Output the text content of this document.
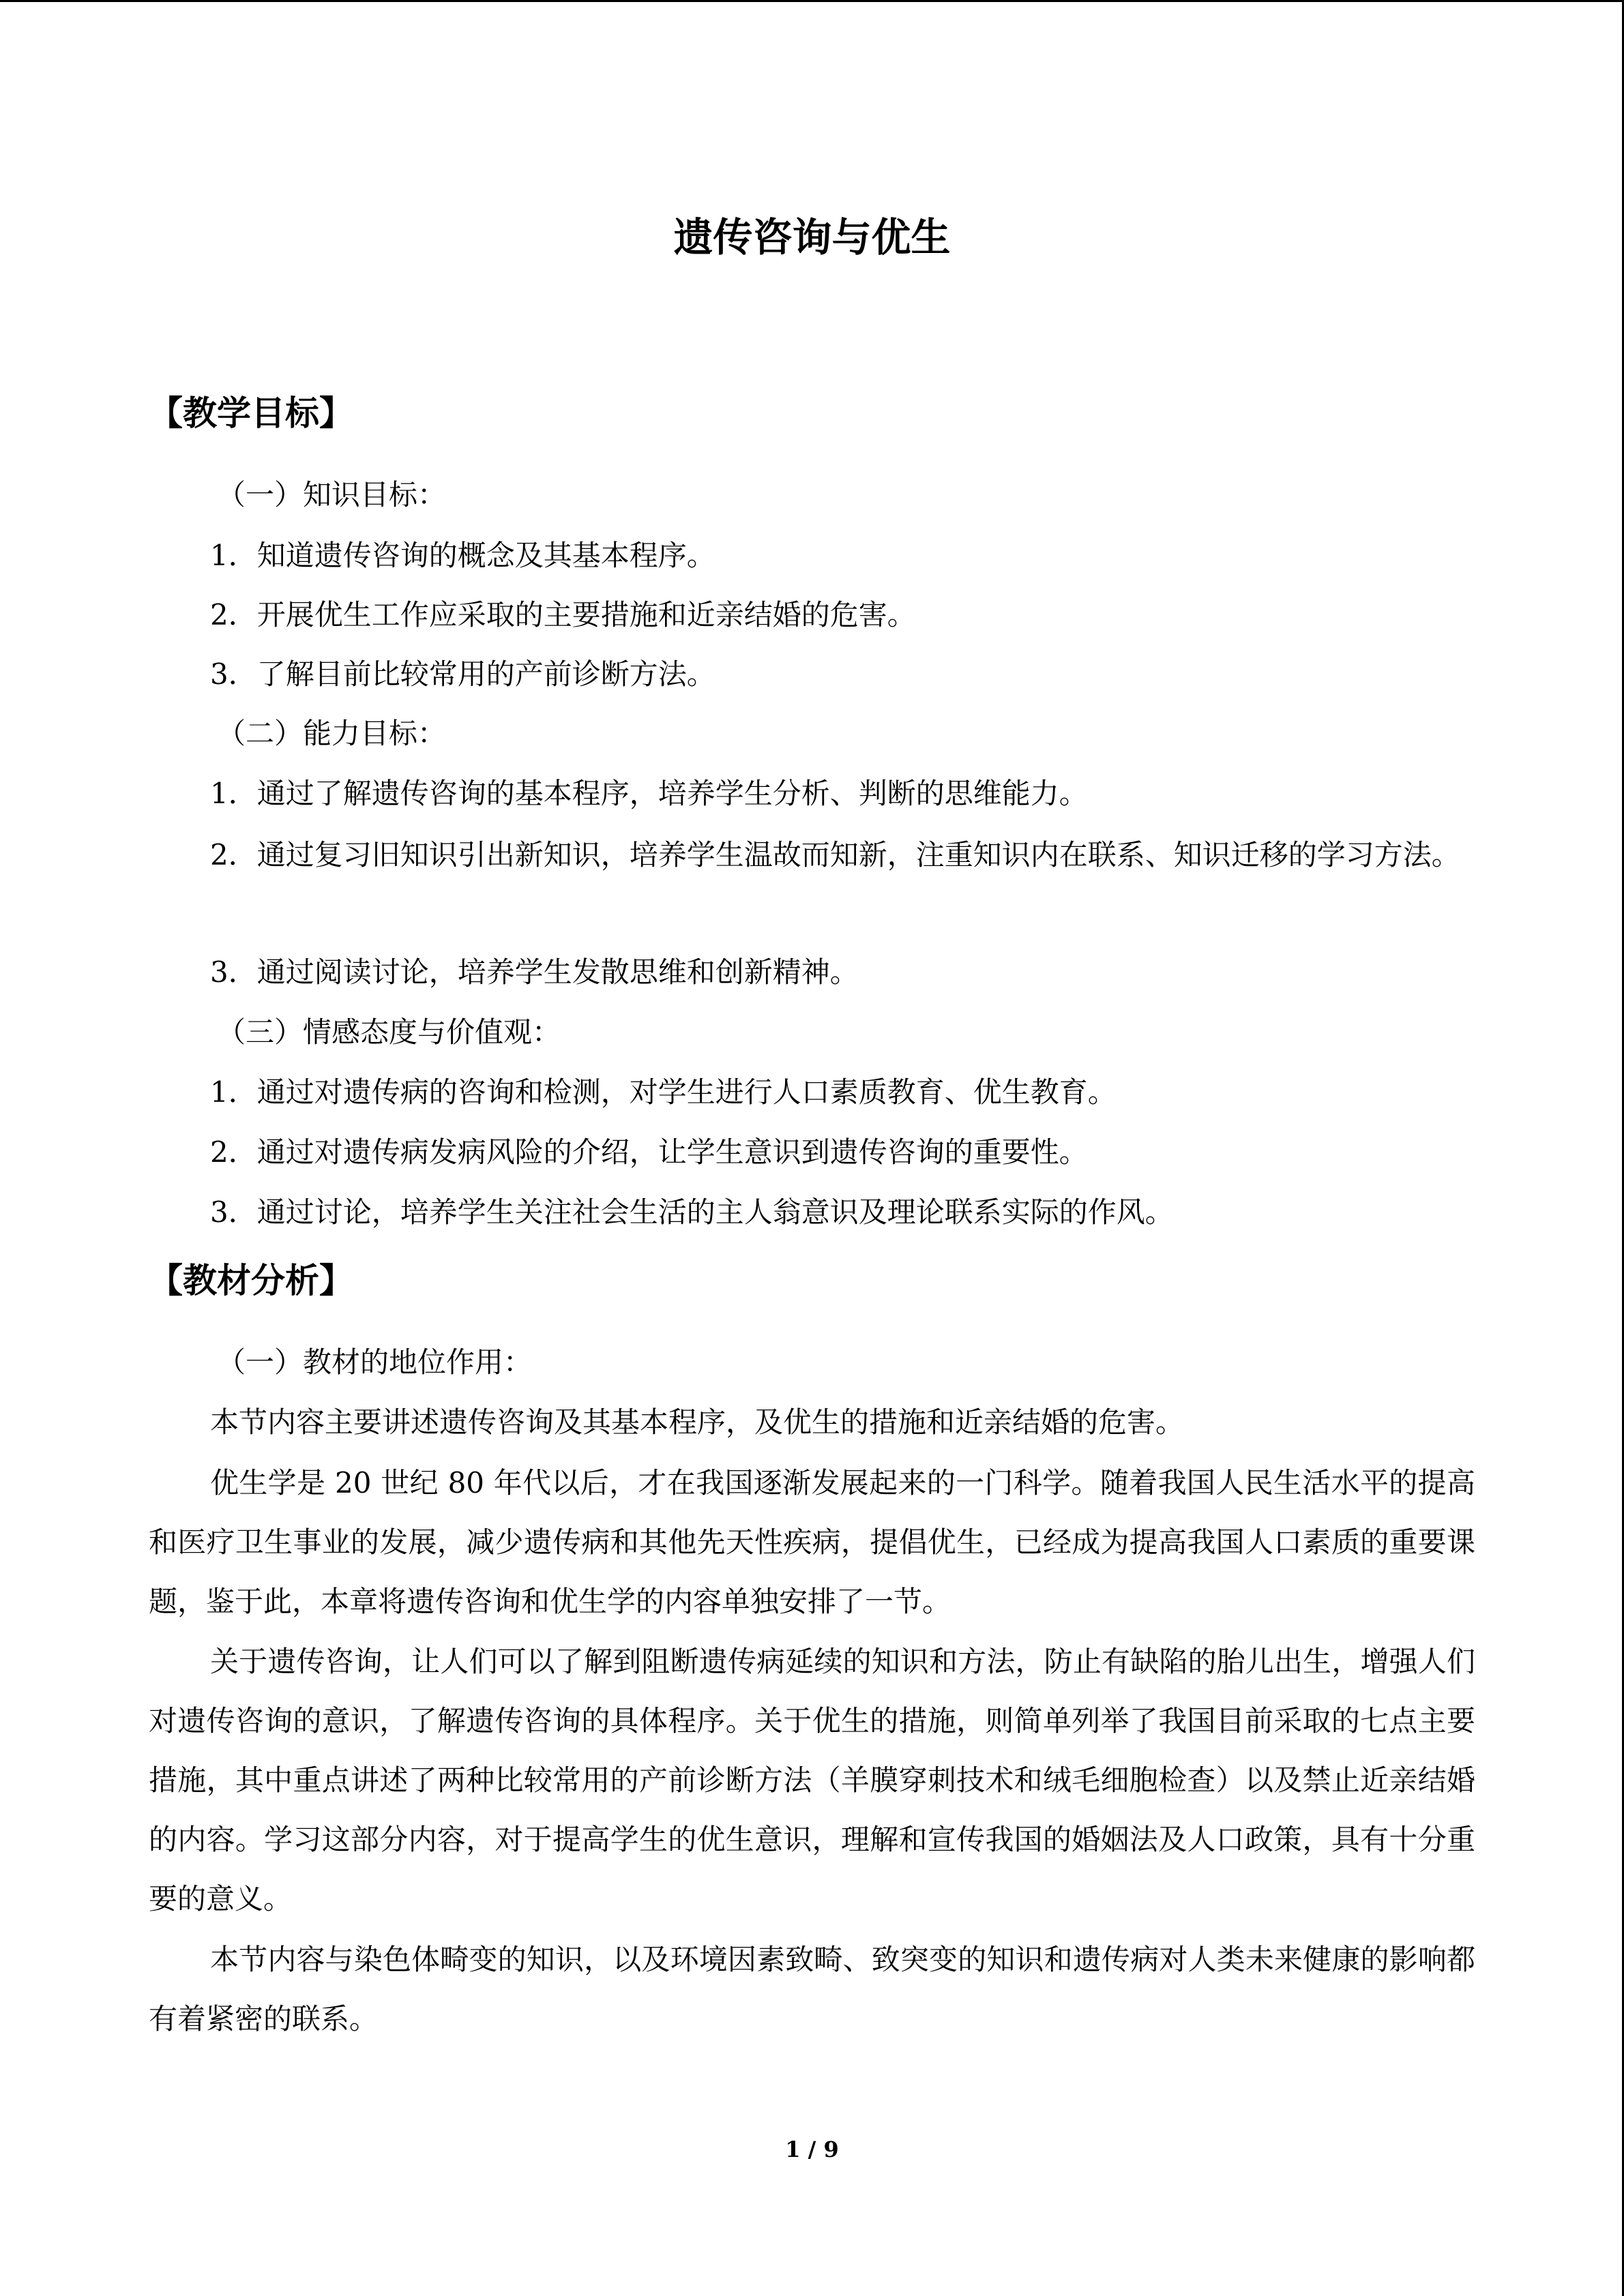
遗传咨询与优生
【教学目标】
（一）知识目标：
1．知道遗传咨询的概念及其基本程序。
2．开展优生工作应采取的主要措施和近亲结婚的危害。
3．了解目前比较常用的产前诊断方法。
（二）能力目标：
1．通过了解遗传咨询的基本程序，培养学生分析、判断的思维能力。
2．通过复习旧知识引出新知识，培养学生温故而知新，注重知识内在联系、知识迁移的学习方法。
3．通过阅读讨论，培养学生发散思维和创新精神。
（三）情感态度与价值观：
1．通过对遗传病的咨询和检测，对学生进行人口素质教育、优生教育。
2．通过对遗传病发病风险的介绍，让学生意识到遗传咨询的重要性。
3．通过讨论，培养学生关注社会生活的主人翁意识及理论联系实际的作风。
【教材分析】
（一）教材的地位作用：
本节内容主要讲述遗传咨询及其基本程序，及优生的措施和近亲结婚的危害。
优生学是 20 世纪 80 年代以后，才在我国逐渐发展起来的一门科学。随着我国人民生活水平的提高和医疗卫生事业的发展，减少遗传病和其他先天性疾病，提倡优生，已经成为提高我国人口素质的重要课题，鉴于此，本章将遗传咨询和优生学的内容单独安排了一节。
关于遗传咨询，让人们可以了解到阻断遗传病延续的知识和方法，防止有缺陷的胎儿出生，增强人们对遗传咨询的意识，了解遗传咨询的具体程序。关于优生的措施，则简单列举了我国目前采取的七点主要措施，其中重点讲述了两种比较常用的产前诊断方法（羊膜穿刺技术和绒毛细胞检查）以及禁止近亲结婚的内容。学习这部分内容，对于提高学生的优生意识，理解和宣传我国的婚姻法及人口政策，具有十分重要的意义。
本节内容与染色体畸变的知识，以及环境因素致畸、致突变的知识和遗传病对人类未来健康的影响都有着紧密的联系。
1 / 9
